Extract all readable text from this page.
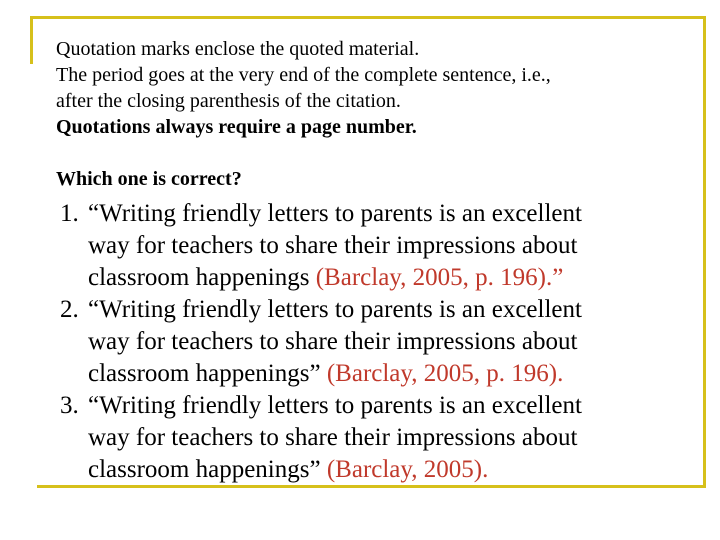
Quotation marks enclose the quoted material.
The period goes at the very end of the complete sentence, i.e.,
after the closing parenthesis of the citation.
Quotations always require a page number.
Which one is correct?
1. “Writing friendly letters to parents is an excellent
way for teachers to share their impressions about
classroom happenings (Barclay, 2005, p. 196).”
2. “Writing friendly letters to parents is an excellent
way for teachers to share their impressions about
classroom happenings” (Barclay, 2005, p. 196).
3. “Writing friendly letters to parents is an excellent
way for teachers to share their impressions about
classroom happenings” (Barclay, 2005).
